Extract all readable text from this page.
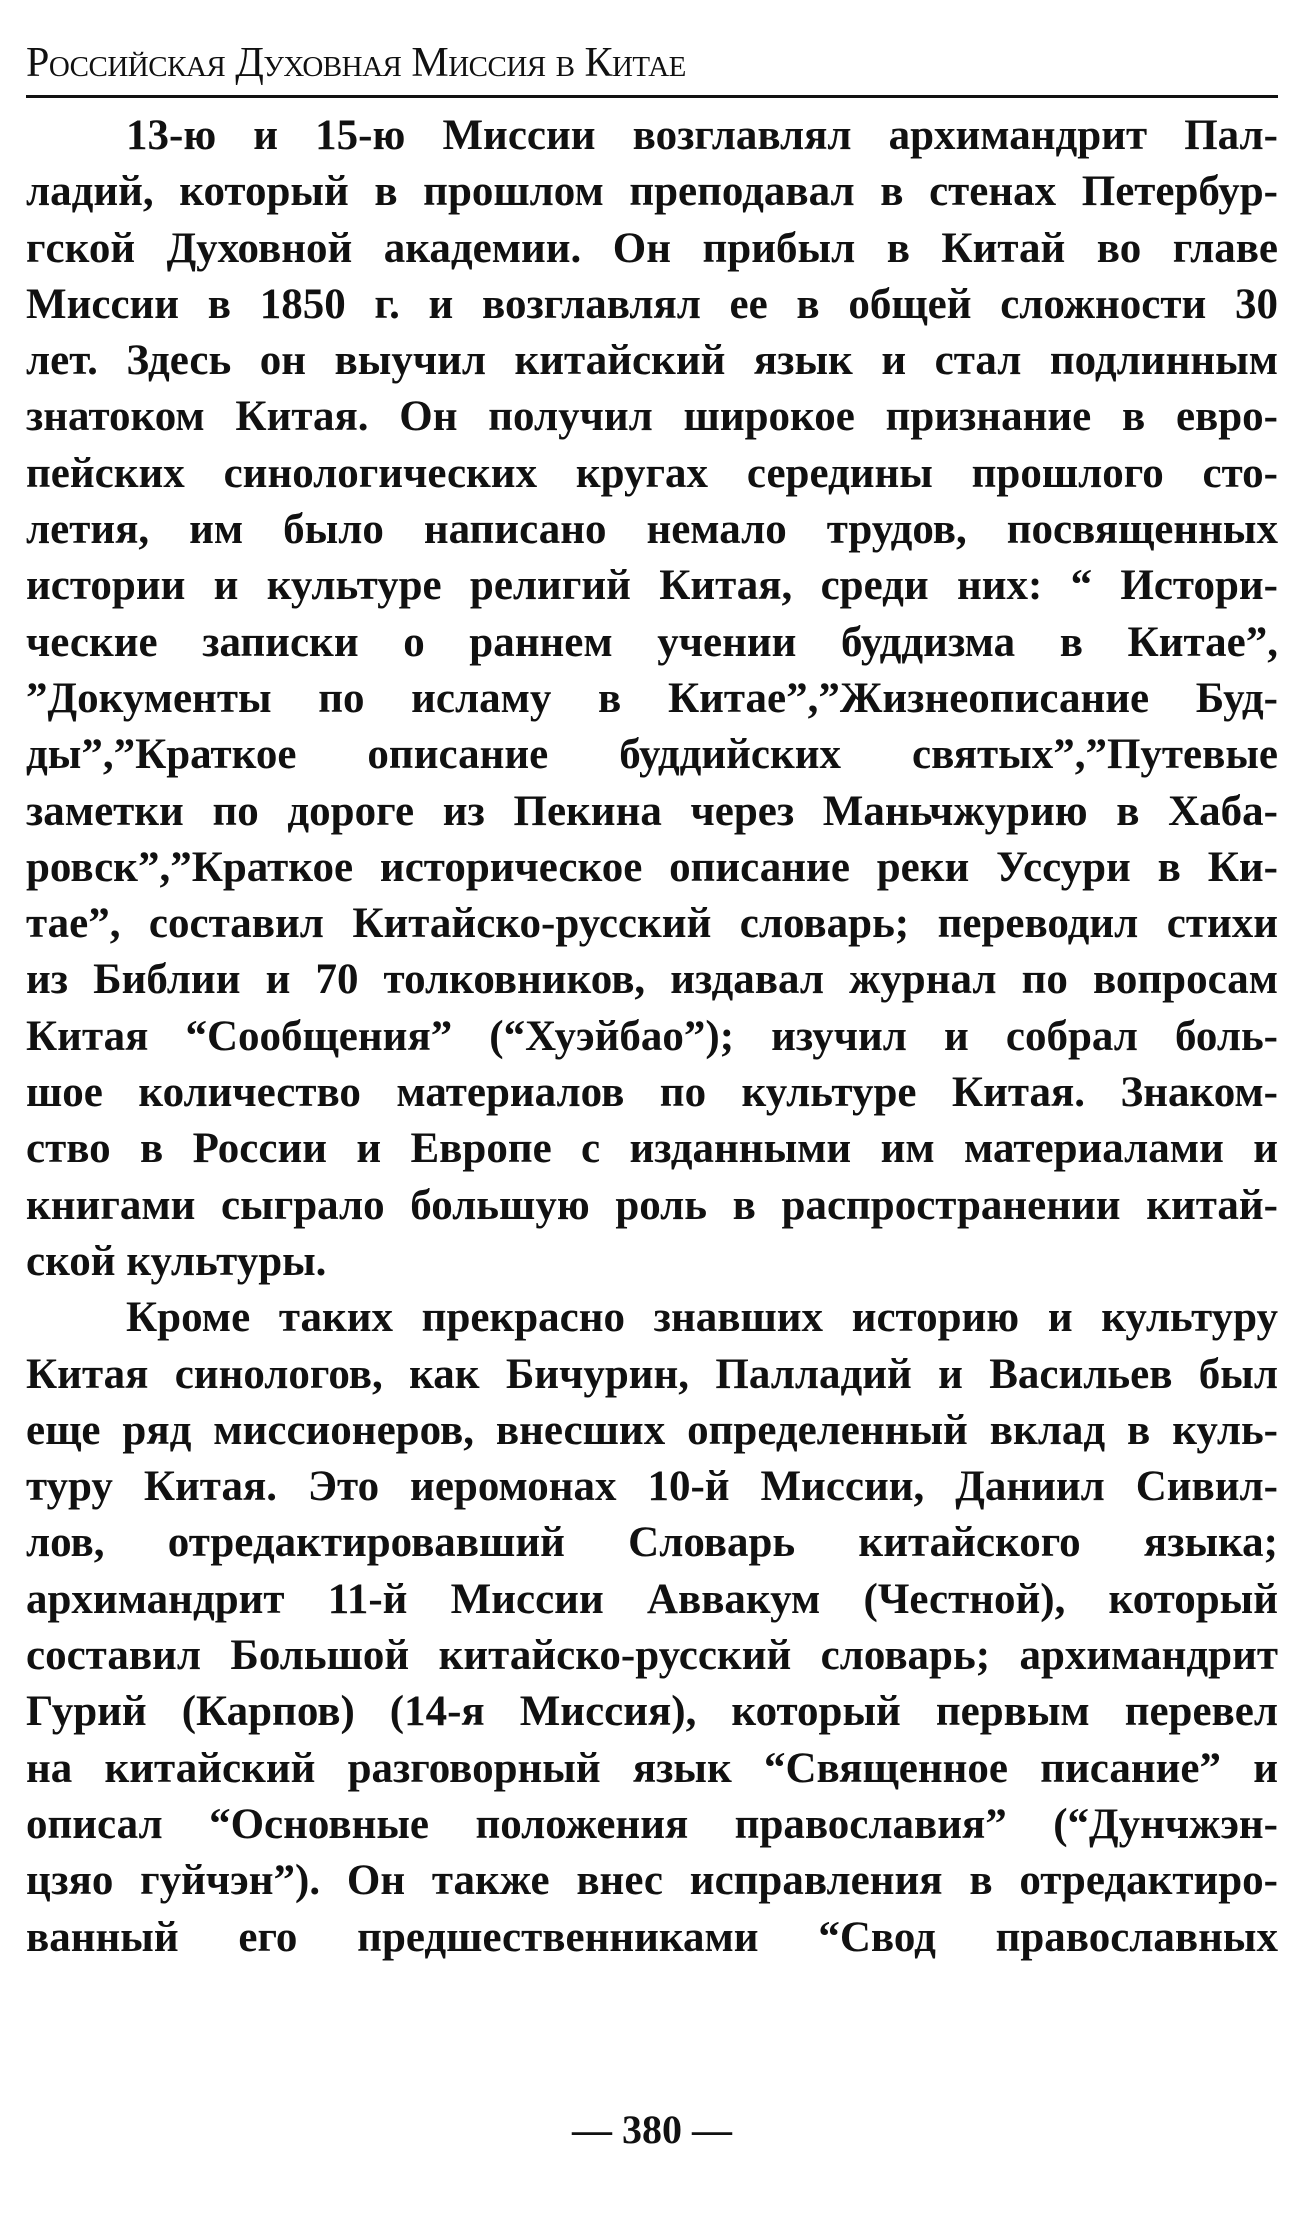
Российская Духовная Миссия в Китае
13-ю и 15-ю Миссии возглавлял архимандрит Пал-
ладий, который в прошлом преподавал в стенах Петербур-
гской Духовной академии. Он прибыл в Китай во главе
Миссии в 1850 г. и возглавлял ее в общей сложности 30
лет. Здесь он выучил китайский язык и стал подлинным
знатоком Китая. Он получил широкое признание в евро-
пейских синологических кругах середины прошлого сто-
летия, им было написано немало трудов, посвященных
истории и культуре религий Китая, среди них: “ Истори-
ческие записки о раннем учении буддизма в Китае”,
”Документы по исламу в Китае”,”Жизнеописание Буд-
ды”,”Краткое описание буддийских святых”,”Путевые
заметки по дороге из Пекина через Маньчжурию в Хаба-
ровск”,”Краткое историческое описание реки Уссури в Ки-
тае”, составил Китайско-русский словарь; переводил стихи
из Библии и 70 толковников, издавал журнал по вопросам
Китая “Сообщения” (“Хуэйбао”); изучил и собрал боль-
шое количество материалов по культуре Китая. Знаком-
ство в России и Европе с изданными им материалами и
книгами сыграло большую роль в распространении китай-
ской культуры.
Кроме таких прекрасно знавших историю и культуру
Китая синологов, как Бичурин, Палладий и Васильев был
еще ряд миссионеров, внесших определенный вклад в куль-
туру Китая. Это иеромонах 10-й Миссии, Даниил Сивил-
лов, отредактировавший Словарь китайского языка;
архимандрит 11-й Миссии Аввакум (Честной), который
составил Большой китайско-русский словарь; архимандрит
Гурий (Карпов) (14-я Миссия), который первым перевел
на китайский разговорный язык “Священное писание” и
описал “Основные положения православия” (“Дунчжэн-
цзяо гуйчэн”). Он также внес исправления в отредактиро-
ванный его предшественниками “Свод православных
— 380 —
